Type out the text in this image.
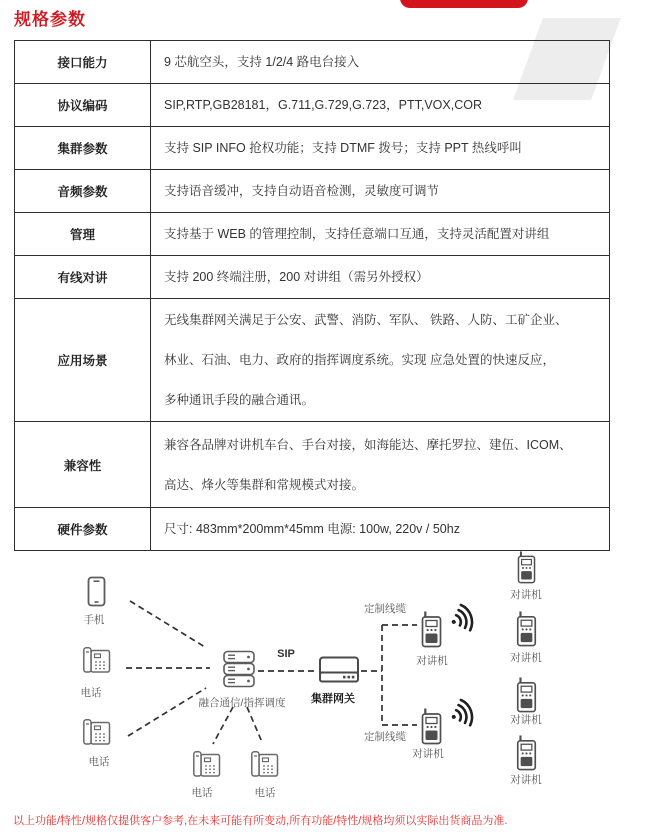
规格参数
接口能力	9 芯航空头，支持 1/2/4 路电台接入

协议编码	SIP,RTP,GB28181，G.711,G.729,G.723，PTT,VOX,COR

集群参数	支持 SIP INFO 抢权功能；支持 DTMF 拨号；支持 PPT 热线呼叫

音频参数	支持语音缓冲，支持自动语音检测，灵敏度可调节

管理	支持基于 WEB 的管理控制，支持任意端口互通，支持灵活配置对讲组

有线对讲	支持 200 终端注册，200 对讲组（需另外授权）

应用场景	无线集群网关满足于公安、武警、消防、军队、 铁路、人防、工矿企业、
林业、石油、电力、政府的指挥调度系统。实现 应急处置的快速反应，
多种通讯手段的融合通讯。

兼容性	兼容各品牌对讲机车台、手台对接，如海能达、摩托罗拉、建伍、ICOM、
高达、烽火等集群和常规模式对接。

硬件参数	尺寸: 483mm*200mm*45mm 电源: 100w, 220v / 50hz
手机
电话
电话
电话	电话
融合通信/指挥调度
SIP
集群网关
定制线缆
定制线缆
对讲机
对讲机
对讲机
对讲机
对讲机
对讲机
以上功能/特性/规格仅提供客户参考,在未来可能有所变动,所有功能/特性/规格均须以实际出货商品为准.
